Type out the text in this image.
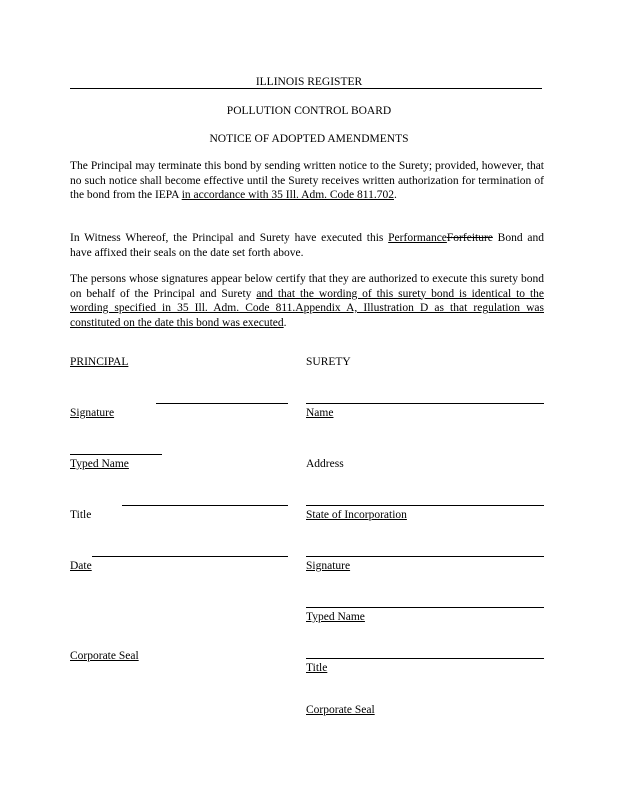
ILLINOIS REGISTER
POLLUTION CONTROL BOARD
NOTICE OF ADOPTED AMENDMENTS
The Principal may terminate this bond by sending written notice to the Surety; provided, however, that no such notice shall become effective until the Surety receives written authorization for termination of the bond from the IEPA in accordance with 35 Ill. Adm. Code 811.702.
In Witness Whereof, the Principal and Surety have executed this PerformanceForfeiture Bond and have affixed their seals on the date set forth above.
The persons whose signatures appear below certify that they are authorized to execute this surety bond on behalf of the Principal and Surety and that the wording of this surety bond is identical to the wording specified in 35 Ill. Adm. Code 811.Appendix A, Illustration D as that regulation was constituted on the date this bond was executed.
PRINCIPAL	SURETY
Signature
Typed Name
Title
Date
Corporate Seal
Name
Address
State of Incorporation
Signature
Typed Name
Title
Corporate Seal
